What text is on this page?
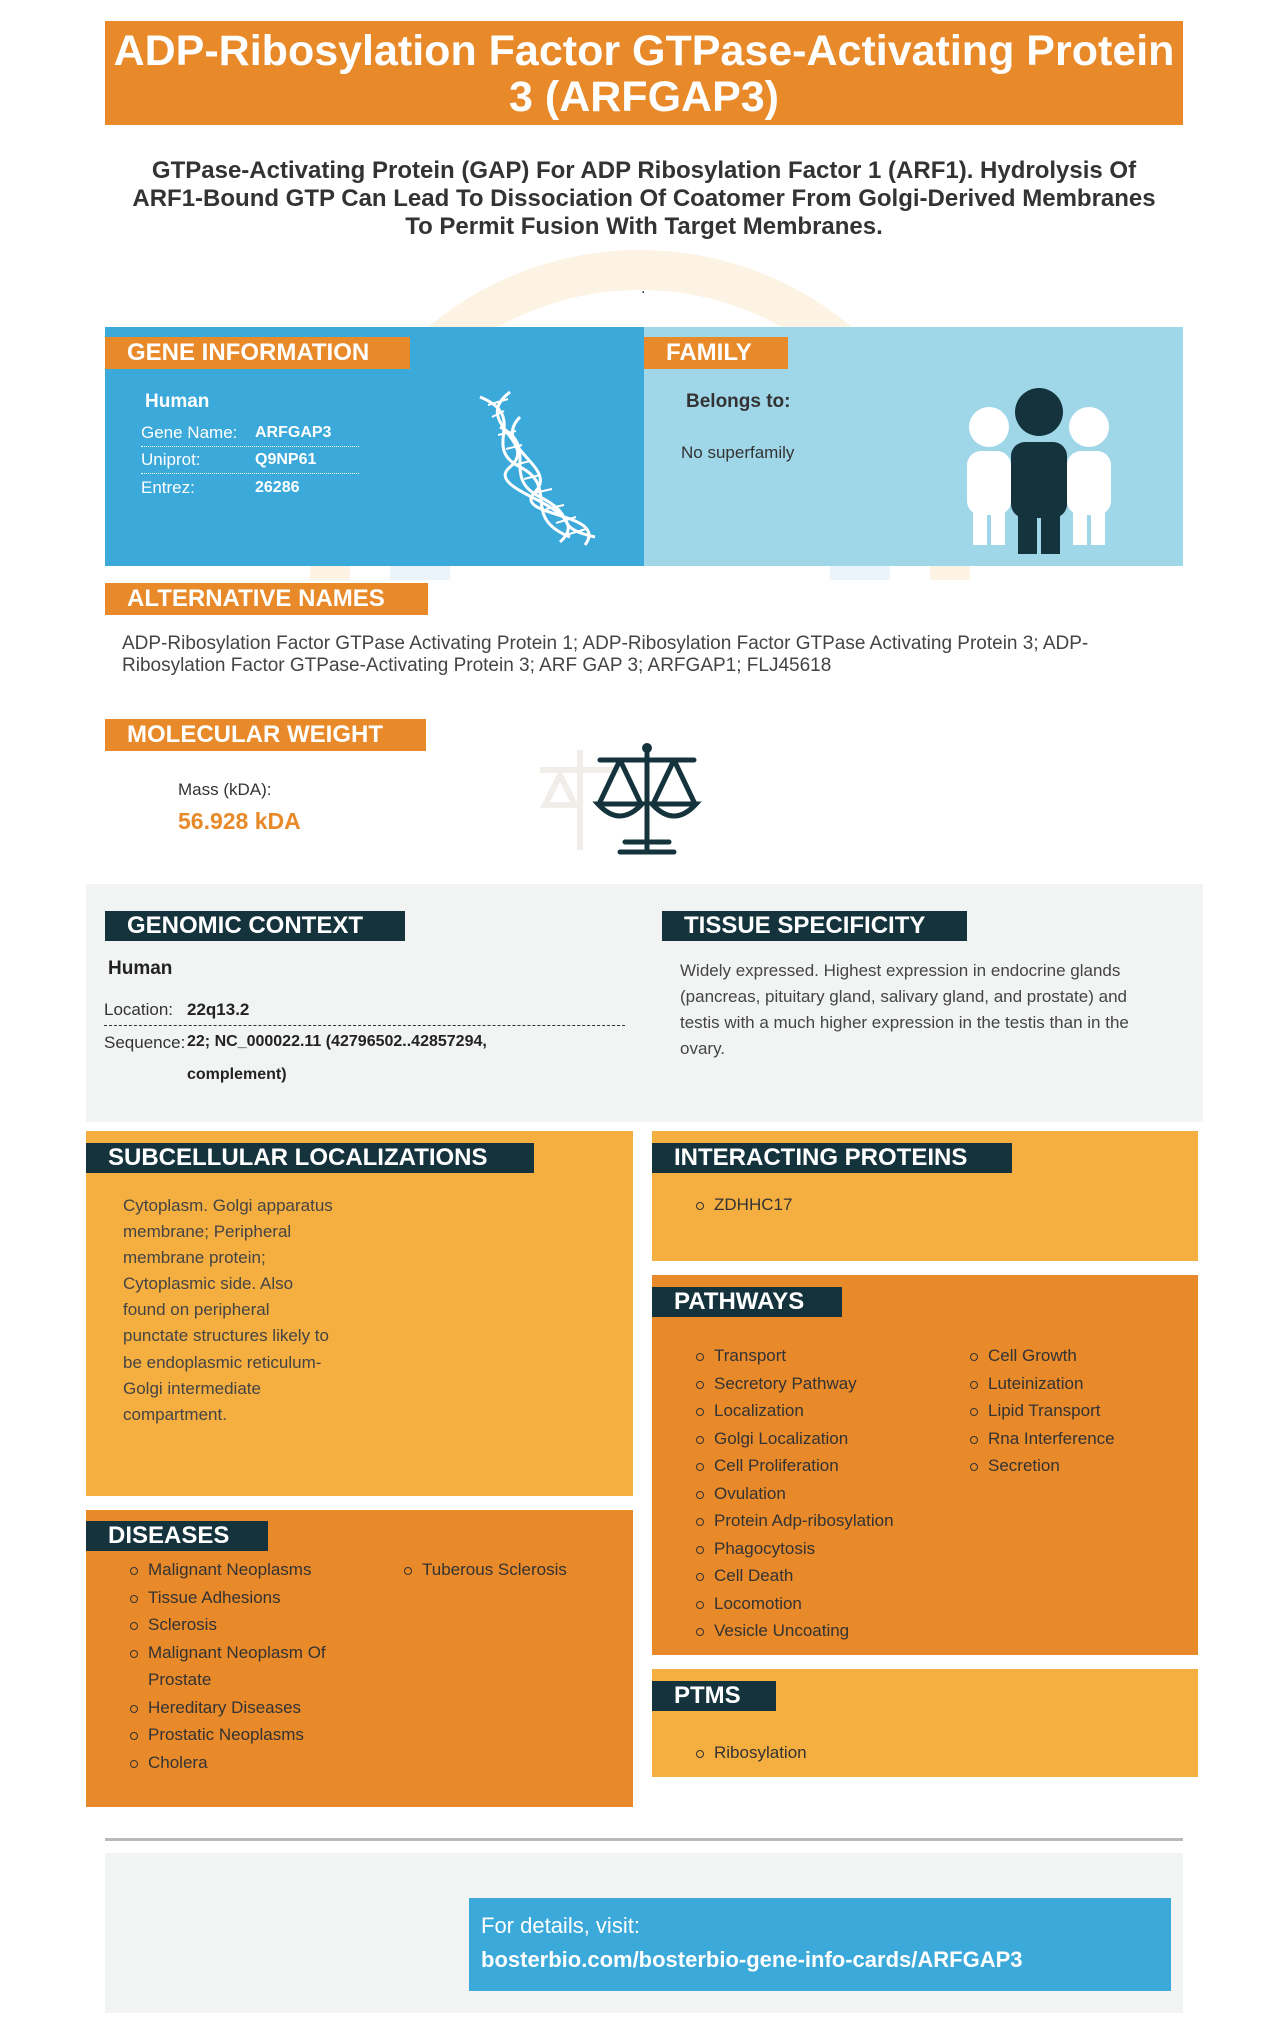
ADP-Ribosylation Factor GTPase-Activating Protein 3 (ARFGAP3)
GTPase-Activating Protein (GAP) For ADP Ribosylation Factor 1 (ARF1). Hydrolysis Of ARF1-Bound GTP Can Lead To Dissociation Of Coatomer From Golgi-Derived Membranes To Permit Fusion With Target Membranes.
.
GENE INFORMATION
Human
Gene Name: ARFGAP3
Uniprot:	Q9NP61
Entrez:	26286
FAMILY
Belongs to:
No superfamily
ALTERNATIVE NAMES
ADP-Ribosylation Factor GTPase Activating Protein 1; ADP-Ribosylation Factor GTPase Activating Protein 3; ADP-Ribosylation Factor GTPase-Activating Protein 3; ARF GAP 3; ARFGAP1; FLJ45618
MOLECULAR WEIGHT
Mass (kDA):
56.928 kDA
GENOMIC CONTEXT
Human
Location: 22q13.2
Sequence: 22; NC_000022.11 (42796502..42857294,
complement)
TISSUE SPECIFICITY
Widely expressed. Highest expression in endocrine glands (pancreas, pituitary gland, salivary gland, and prostate) and testis with a much higher expression in the testis than in the ovary.
SUBCELLULAR LOCALIZATIONS
Cytoplasm. Golgi apparatus membrane; Peripheral membrane protein; Cytoplasmic side. Also found on peripheral punctate structures likely to be endoplasmic reticulum-Golgi intermediate compartment.
DISEASES
Malignant Neoplasms
Tissue Adhesions
Sclerosis
Malignant Neoplasm Of Prostate
Hereditary Diseases
Prostatic Neoplasms
Cholera
Tuberous Sclerosis
INTERACTING PROTEINS
ZDHHC17
PATHWAYS
Transport
Secretory Pathway
Localization
Golgi Localization
Cell Proliferation
Ovulation
Protein Adp-ribosylation
Phagocytosis
Cell Death
Locomotion
Vesicle Uncoating
Cell Growth
Luteinization
Lipid Transport
Rna Interference
Secretion
PTMS
Ribosylation
For details, visit:
bosterbio.com/bosterbio-gene-info-cards/ARFGAP3
